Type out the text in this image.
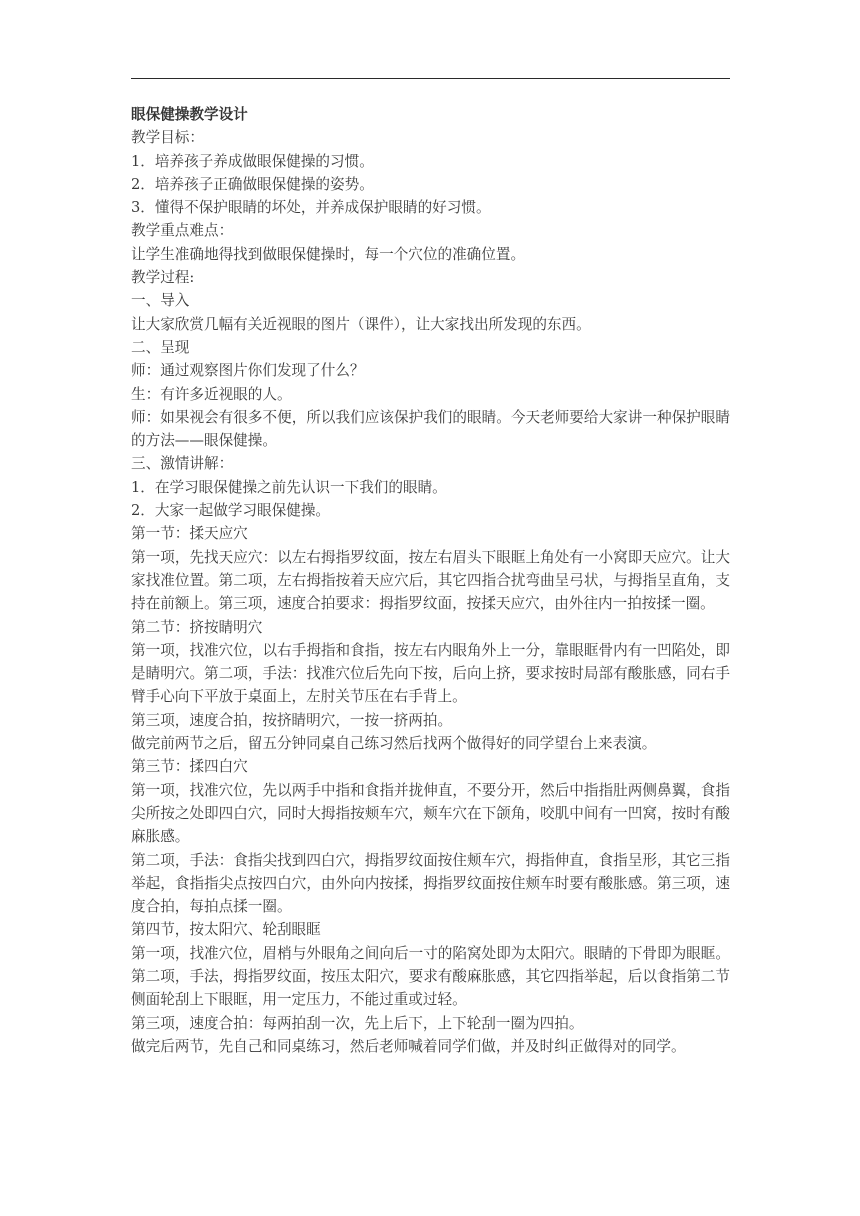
眼保健操教学设计

教学目标：

1．培养孩子养成做眼保健操的习惯。

2．培养孩子正确做眼保健操的姿势。

3．懂得不保护眼睛的坏处，并养成保护眼睛的好习惯。

教学重点难点：

让学生准确地得找到做眼保健操时，每一个穴位的准确位置。

教学过程:

一、导入

让大家欣赏几幅有关近视眼的图片（课件），让大家找出所发现的东西。

二、呈现

师：通过观察图片你们发现了什么？

生：有许多近视眼的人。

师：如果视会有很多不便，所以我们应该保护我们的眼睛。今天老师要给大家讲一种保护眼睛的方法——眼保健操。

三、激情讲解：

1．在学习眼保健操之前先认识一下我们的眼睛。

2．大家一起做学习眼保健操。

第一节：揉天应穴

第一项，先找天应穴：以左右拇指罗纹面，按左右眉头下眼眶上角处有一小窝即天应穴。让大家找准位置。第二项，左右拇指按着天应穴后，其它四指合扰弯曲呈弓状，与拇指呈直角，支持在前额上。第三项，速度合拍要求：拇指罗纹面，按揉天应穴，由外往内一拍按揉一圈。

第二节：挤按睛明穴

第一项，找准穴位，以右手拇指和食指，按左右内眼角外上一分，靠眼眶骨内有一凹陷处，即是睛明穴。第二项，手法：找准穴位后先向下按，后向上挤，要求按时局部有酸胀感，同右手臂手心向下平放于桌面上，左肘关节压在右手背上。

第三项，速度合拍，按挤睛明穴，一按一挤两拍。

做完前两节之后，留五分钟同桌自己练习然后找两个做得好的同学望台上来表演。

第三节：揉四白穴

第一项，找准穴位，先以两手中指和食指并拢伸直，不要分开，然后中指指肚两侧鼻翼，食指尖所按之处即四白穴，同时大拇指按颊车穴，颊车穴在下颌角，咬肌中间有一凹窝，按时有酸麻胀感。

第二项，手法：食指尖找到四白穴，拇指罗纹面按住颊车穴，拇指伸直，食指呈形，其它三指举起，食指指尖点按四白穴，由外向内按揉，拇指罗纹面按住颊车时要有酸胀感。第三项，速度合拍，每拍点揉一圈。

第四节，按太阳穴、轮刮眼眶

第一项，找准穴位，眉梢与外眼角之间向后一寸的陷窝处即为太阳穴。眼睛的下骨即为眼眶。第二项，手法，拇指罗纹面，按压太阳穴，要求有酸麻胀感，其它四指举起，后以食指第二节侧面轮刮上下眼眶，用一定压力，不能过重或过轻。

第三项，速度合拍：每两拍刮一次，先上后下，上下轮刮一圈为四拍。

做完后两节，先自己和同桌练习，然后老师喊着同学们做，并及时纠正做得对的同学。
